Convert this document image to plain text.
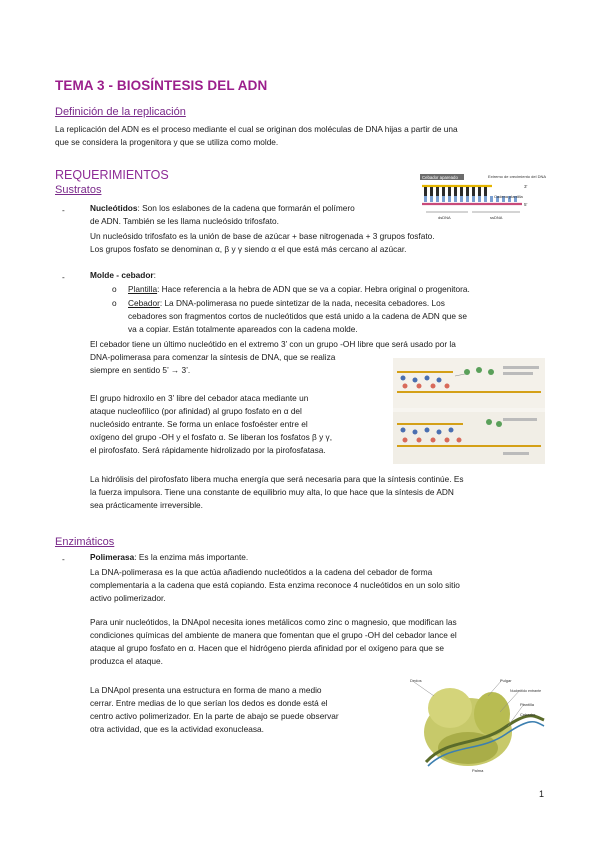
TEMA 3 - BIOSÍNTESIS DEL ADN
Definición de la replicación
La replicación del ADN es el proceso mediante el cual se originan dos moléculas de DNA hijas a partir de una
que se considera la progenitora y que se utiliza como molde.
REQUERIMIENTOS
Sustratos
Cebador apareado	Extremo de crecimiento del DNA
3'
Cadena plantilla
5'
dsDNA	ssDNA
-	Nucleótidos: Son los eslabones de la cadena que formarán el polímero
de ADN. También se les llama nucleósido trifosfato.
Un nucleósido trifosfato es la unión de base de azúcar + base nitrogenada + 3 grupos fosfato.
Los grupos fosfato se denominan α, β y γ siendo α el que está más cercano al azúcar.
-	Molde - cebador:
o Plantilla: Hace referencia a la hebra de ADN que se va a copiar. Hebra original o progenitora.
o Cebador: La DNA-polimerasa no puede sintetizar de la nada, necesita cebadores. Los
cebadores son fragmentos cortos de nucleótidos que está unido a la cadena de ADN que se
va a copiar. Están totalmente apareados con la cadena molde.
El cebador tiene un último nucleótido en el extremo 3’ con un grupo -OH libre que será usado por la
DNA-polimerasa para comenzar la síntesis de DNA, que se realiza
siempre en sentido 5’ → 3’.
El grupo hidroxilo en 3’ libre del cebador ataca mediante un
ataque nucleofílico (por afinidad) al grupo fosfato en α del
nucleósido entrante. Se forma un enlace fosfoéster entre el
oxígeno del grupo -OH y el fosfato α. Se liberan los fosfatos β y γ,
el pirofosfato. Será rápidamente hidrolizado por la pirofosfatasa.
La hidrólisis del pirofosfato libera mucha energía que será necesaria para que la síntesis continúe. Es
la fuerza impulsora. Tiene una constante de equilibrio muy alta, lo que hace que la síntesis de ADN
sea prácticamente irreversible.
Enzimáticos
-	Polimerasa: Es la enzima más importante.
La DNA-polimerasa es la que actúa añadiendo nucleótidos a la cadena del cebador de forma
complementaria a la cadena que está copiando. Esta enzima reconoce 4 nucleótidos en un solo sitio
activo polimerizador.
Para unir nucleótidos, la DNApol necesita iones metálicos como zinc o magnesio, que modifican las
condiciones químicas del ambiente de manera que fomentan que el grupo -OH del cebador lance el
ataque al grupo fosfato en α. Hacen que el hidrógeno pierda afinidad por el oxígeno para que se
produzca el ataque.
La DNApol presenta una estructura en forma de mano a medio
cerrar. Entre medias de lo que serían los dedos es donde está el
centro activo polimerizador. En la parte de abajo se puede observar
otra actividad, que es la actividad exonucleasa.
Dedos	Pulgar
Nucleótido entrante
Plantilla
Cebador
Palma
1
